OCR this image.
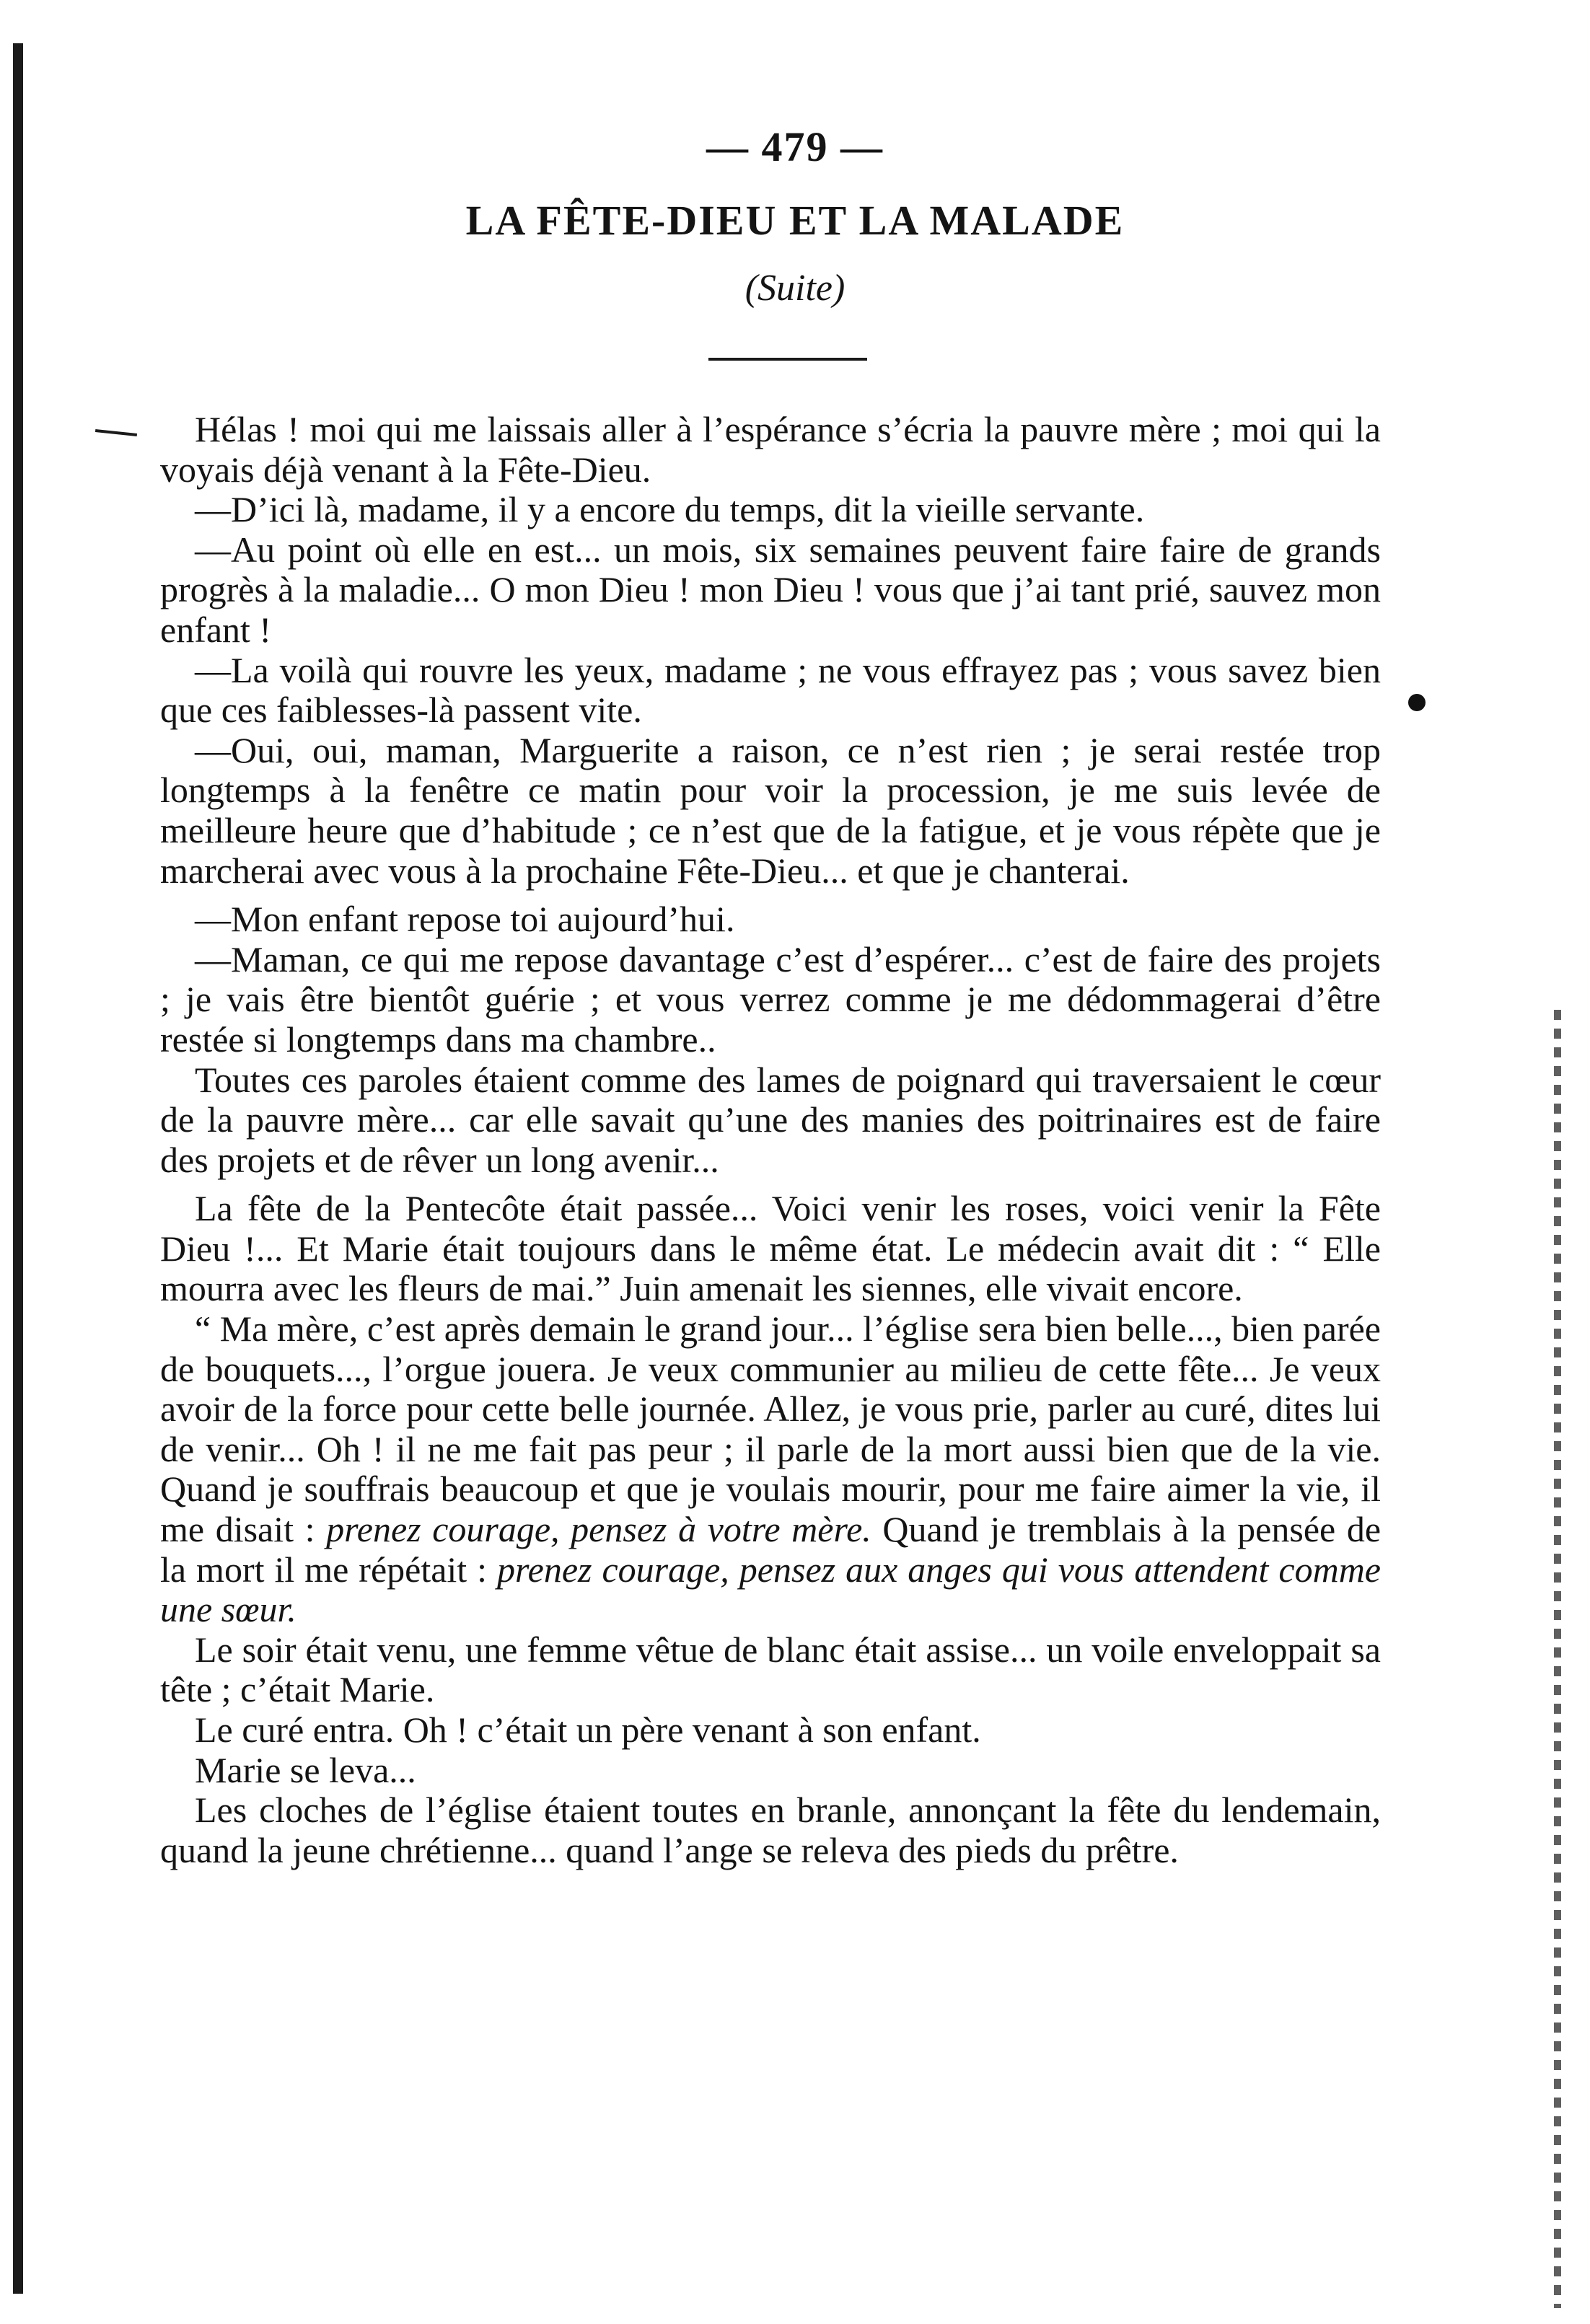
— 479 —
LA FÊTE-DIEU ET LA MALADE
(Suite)

Hélas ! moi qui me laissais aller à l’espérance s’écria la pauvre mère ; moi qui la voyais déjà venant à la Fête-Dieu.

—D’ici là, madame, il y a encore du temps, dit la vieille servante.

—Au point où elle en est... un mois, six semaines peuvent faire faire de grands progrès à la maladie... O mon Dieu ! mon Dieu ! vous que j’ai tant prié, sauvez mon enfant !

—La voilà qui rouvre les yeux, madame ; ne vous effrayez pas ; vous savez bien que ces faiblesses-là passent vite.

—Oui, oui, maman, Marguerite a raison, ce n’est rien ; je serai restée trop longtemps à la fenêtre ce matin pour voir la procession, je me suis levée de meilleure heure que d’habitude ; ce n’est que de la fatigue, et je vous répète que je marcherai avec vous à la prochaine Fête-Dieu... et que je chanterai.

—Mon enfant repose toi aujourd’hui.

—Maman, ce qui me repose davantage c’est d’espérer... c’est de faire des projets ; je vais être bientôt guérie ; et vous verrez comme je me dédommagerai d’être restée si longtemps dans ma chambre..

Toutes ces paroles étaient comme des lames de poignard qui traversaient le cœur de la pauvre mère... car elle savait qu’une des manies des poitrinaires est de faire des projets et de rêver un long avenir...

La fête de la Pentecôte était passée... Voici venir les roses, voici venir la Fête Dieu !... Et Marie était toujours dans le même état. Le médecin avait dit : “ Elle mourra avec les fleurs de mai.” Juin amenait les siennes, elle vivait encore.

“ Ma mère, c’est après demain le grand jour... l’église sera bien belle..., bien parée de bouquets..., l’orgue jouera. Je veux communier au milieu de cette fête... Je veux avoir de la force pour cette belle journée. Allez, je vous prie, parler au curé, dites lui de venir... Oh ! il ne me fait pas peur ; il parle de la mort aussi bien que de la vie. Quand je souffrais beaucoup et que je voulais mourir, pour me faire aimer la vie, il me disait : prenez courage, pensez à votre mère. Quand je tremblais à la pensée de la mort il me répétait : prenez courage, pensez aux anges qui vous attendent comme une sœur.

Le soir était venu, une femme vêtue de blanc était assise... un voile enveloppait sa tête ; c’était Marie.

Le curé entra. Oh ! c’était un père venant à son enfant.

Marie se leva...

Les cloches de l’église étaient toutes en branle, annonçant la fête du lendemain, quand la jeune chrétienne... quand l’ange se releva des pieds du prêtre.
